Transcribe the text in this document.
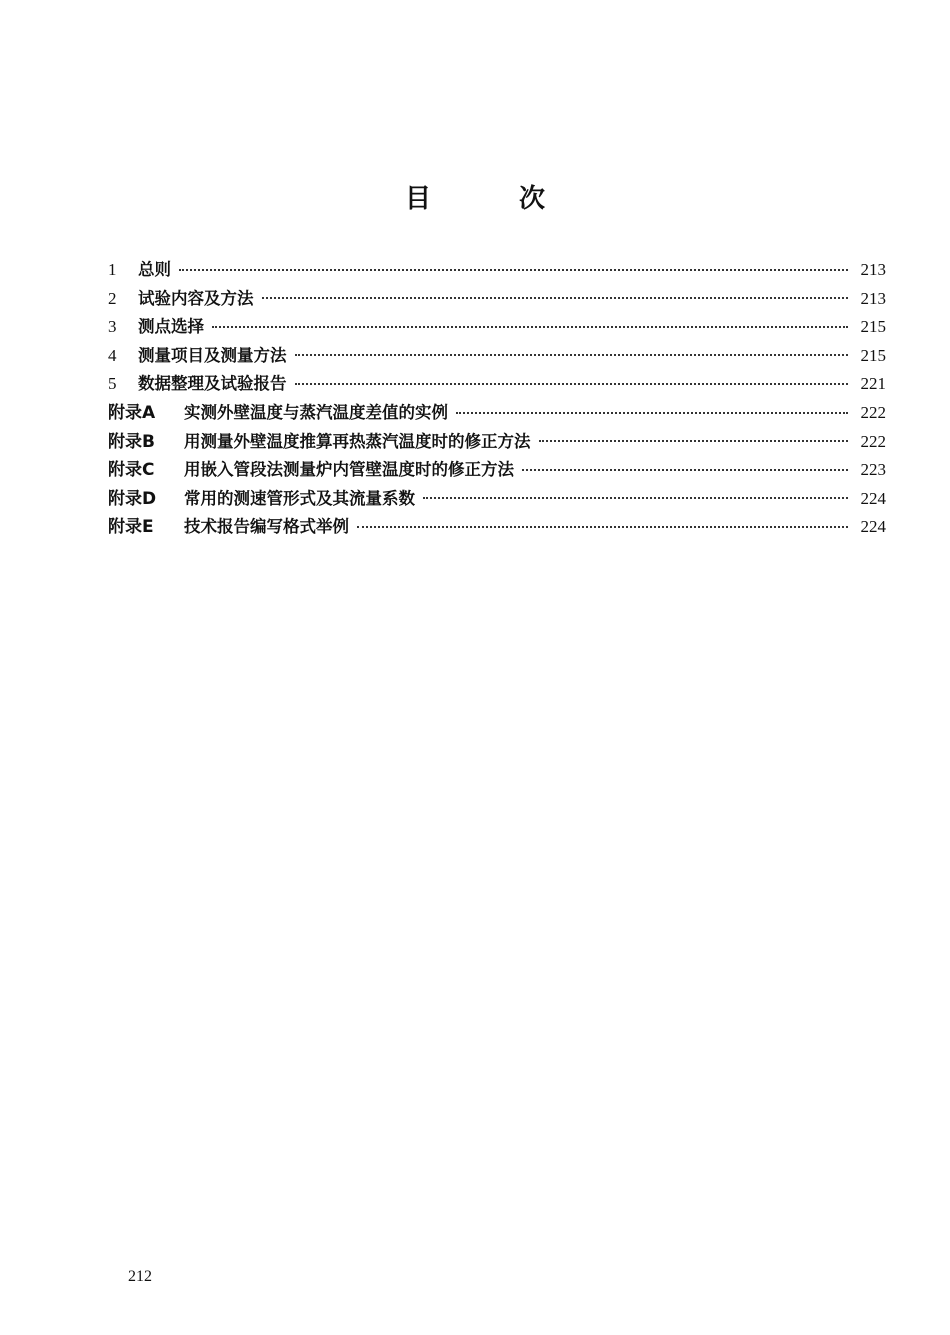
目	次
1	总则	213
2	试验内容及方法	213
3	测点选择	215
4	测量项目及测量方法	215
5	数据整理及试验报告	221
附录A	实测外壁温度与蒸汽温度差值的实例	222
附录B	用测量外壁温度推算再热蒸汽温度时的修正方法	222
附录C	用嵌入管段法测量炉内管壁温度时的修正方法	223
附录D	常用的测速管形式及其流量系数	224
附录E	技术报告编写格式举例	224
212
